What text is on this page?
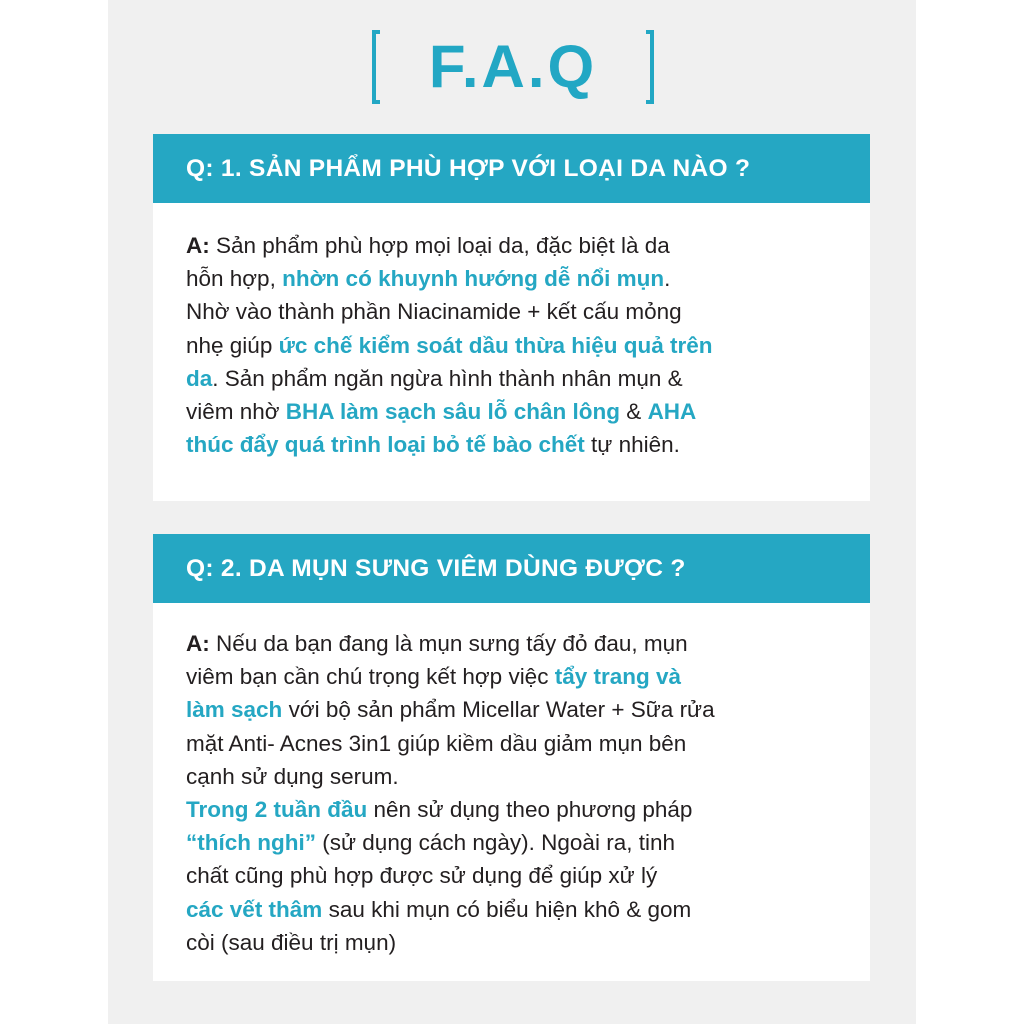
F.A.Q
Q: 1. SẢN PHẨM PHÙ HỢP VỚI LOẠI DA NÀO ?
A: Sản phẩm phù hợp mọi loại da, đặc biệt là da
hỗn hợp, nhờn có khuynh hướng dễ nổi mụn.
Nhờ vào thành phần Niacinamide + kết cấu mỏng
nhẹ giúp ức chế kiểm soát dầu thừa hiệu quả trên
da. Sản phẩm ngăn ngừa hình thành nhân mụn &
viêm nhờ BHA làm sạch sâu lỗ chân lông & AHA
thúc đẩy quá trình loại bỏ tế bào chết tự nhiên.
Q: 2. DA MỤN SƯNG VIÊM DÙNG ĐƯỢC ?
A: Nếu da bạn đang là mụn sưng tấy đỏ đau, mụn
viêm bạn cần chú trọng kết hợp việc tẩy trang và
làm sạch với bộ sản phẩm Micellar Water + Sữa rửa
mặt Anti- Acnes 3in1 giúp kiềm dầu giảm mụn bên
cạnh sử dụng serum.
Trong 2 tuần đầu nên sử dụng theo phương pháp
“thích nghi” (sử dụng cách ngày). Ngoài ra, tinh
chất cũng phù hợp được sử dụng để giúp xử lý
các vết thâm sau khi mụn có biểu hiện khô & gom
còi (sau điều trị mụn)
